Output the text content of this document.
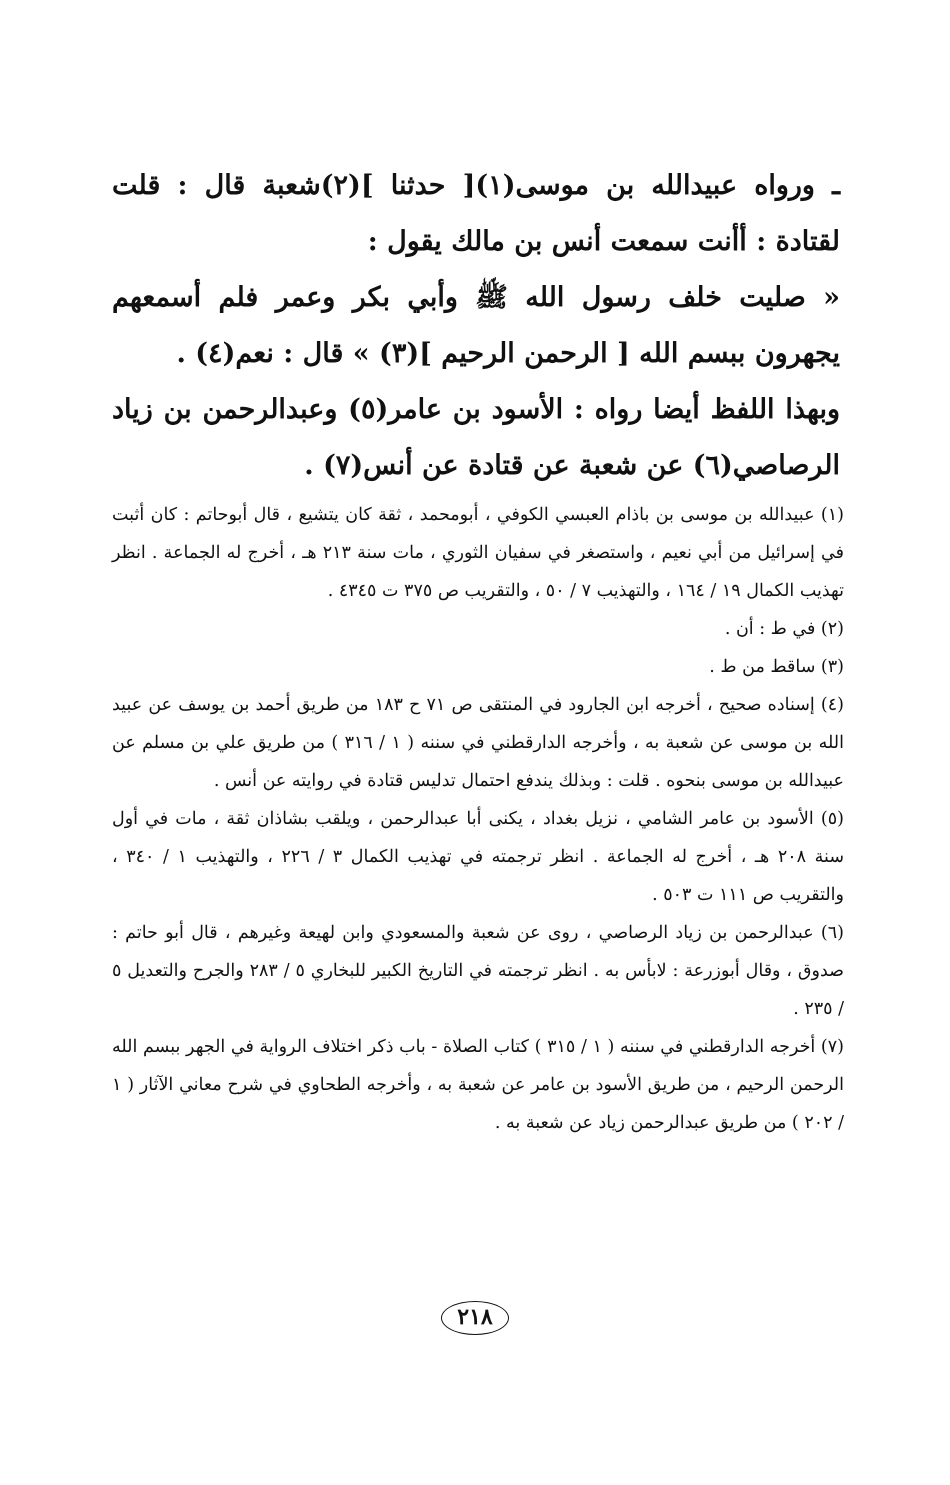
ـ ورواه عبيدالله بن موسى(١)[ حدثنا ](٢)شعبة قال : قلت لقتادة : أأنت سمعت أنس بن مالك يقول :

« صليت خلف رسول الله ﷺ وأبي بكر وعمر فلم أسمعهم يجهرون ببسم الله [ الرحمن الرحيم ](٣) » قال : نعم(٤) .

وبهذا اللفظ أيضا رواه : الأسود بن عامر(٥) وعبدالرحمن بن زياد الرصاصي(٦) عن شعبة عن قتادة عن أنس(٧) .

(١) عبيدالله بن موسى بن باذام العبسي الكوفي ، أبومحمد ، ثقة كان يتشيع ، قال أبوحاتم : كان أثبت في إسرائيل من أبي نعيم ، واستصغر في سفيان الثوري ، مات سنة ٢١٣ هـ ، أخرج له الجماعة . انظر تهذيب الكمال ١٩ / ١٦٤ ، والتهذيب ٧ / ٥٠ ، والتقريب ص ٣٧٥ ت ٤٣٤٥ .

(٢) في ط : أن .

(٣) ساقط من ط .

(٤) إسناده صحيح ، أخرجه ابن الجارود في المنتقى ص ٧١ ح ١٨٣ من طريق أحمد بن يوسف عن عبيد الله بن موسى عن شعبة به ، وأخرجه الدارقطني في سننه ( ١ / ٣١٦ ) من طريق علي بن مسلم عن عبيدالله بن موسى بنحوه . قلت : وبذلك يندفع احتمال تدليس قتادة في روايته عن أنس .

(٥) الأسود بن عامر الشامي ، نزيل بغداد ، يكنى أبا عبدالرحمن ، ويلقب بشاذان ثقة ، مات في أول سنة ٢٠٨ هـ ، أخرج له الجماعة . انظر ترجمته في تهذيب الكمال ٣ / ٢٢٦ ، والتهذيب ١ / ٣٤٠ ، والتقريب ص ١١١ ت ٥٠٣ .

(٦) عبدالرحمن بن زياد الرصاصي ، روى عن شعبة والمسعودي وابن لهيعة وغيرهم ، قال أبو حاتم : صدوق ، وقال أبوزرعة : لابأس به . انظر ترجمته في التاريخ الكبير للبخاري ٥ / ٢٨٣ والجرح والتعديل ٥ / ٢٣٥ .

(٧) أخرجه الدارقطني في سننه ( ١ / ٣١٥ ) كتاب الصلاة - باب ذكر اختلاف الرواية في الجهر ببسم الله الرحمن الرحيم ، من طريق الأسود بن عامر عن شعبة به ، وأخرجه الطحاوي في شرح معاني الآثار ( ١ / ٢٠٢ ) من طريق عبدالرحمن زياد عن شعبة به .

٢١٨
